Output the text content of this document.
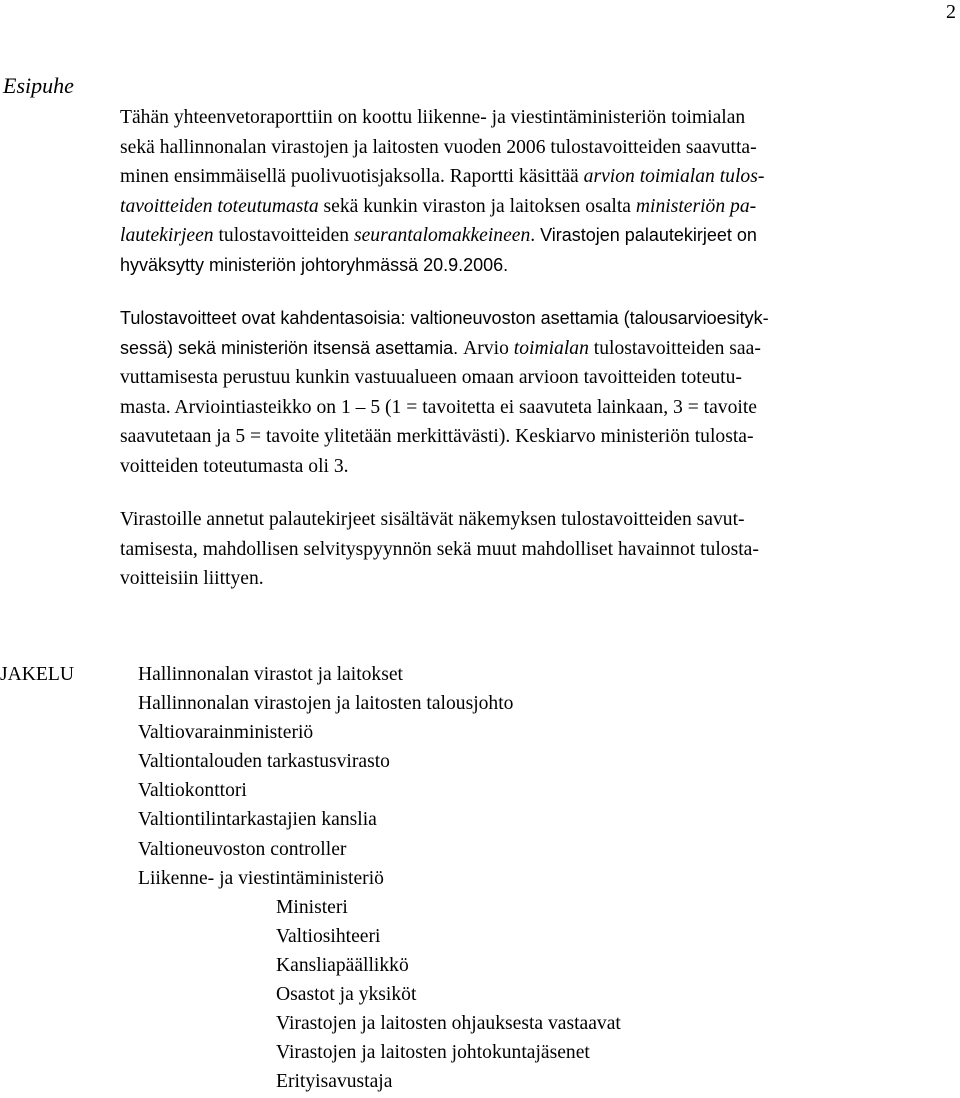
2
Esipuhe
Tähän yhteenvetoraporttiin on koottu liikenne- ja viestintäministeriön toimialan
sekä hallinnonalan virastojen ja laitosten vuoden 2006 tulostavoitteiden saavutta-
minen ensimmäisellä puolivuotisjaksolla. Raportti käsittää arvion toimialan tulos-
tavoitteiden toteutumasta sekä kunkin viraston ja laitoksen osalta ministeriön pa-
lautekirjeen tulostavoitteiden seurantalomakkeineen. Virastojen palautekirjeet on
hyväksytty ministeriön johtoryhmässä 20.9.2006.
Tulostavoitteet ovat kahdentasoisia: valtioneuvoston asettamia (talousarvioesityk-
sessä) sekä ministeriön itsensä asettamia. Arvio toimialan tulostavoitteiden saa-
vuttamisesta perustuu kunkin vastuualueen omaan arvioon tavoitteiden toteutu-
masta. Arviointiasteikko on 1 – 5 (1 = tavoitetta ei saavuteta lainkaan, 3 = tavoite
saavutetaan ja 5 = tavoite ylitetään merkittävästi). Keskiarvo ministeriön tulosta-
voitteiden toteutumasta oli 3.
Virastoille annetut palautekirjeet sisältävät näkemyksen tulostavoitteiden savut-
tamisesta, mahdollisen selvityspyynnön sekä muut mahdolliset havainnot tulosta-
voitteisiin liittyen.
JAKELU	Hallinnonalan virastot ja laitokset
Hallinnonalan virastojen ja laitosten talousjohto
Valtiovarainministeriö
Valtiontalouden tarkastusvirasto
Valtiokonttori
Valtiontilintarkastajien kanslia
Valtioneuvoston controller
Liikenne- ja viestintäministeriö
Ministeri
Valtiosihteeri
Kansliapäällikkö
Osastot ja yksiköt
Virastojen ja laitosten ohjauksesta vastaavat
Virastojen ja laitosten johtokuntajäsenet
Erityisavustaja
